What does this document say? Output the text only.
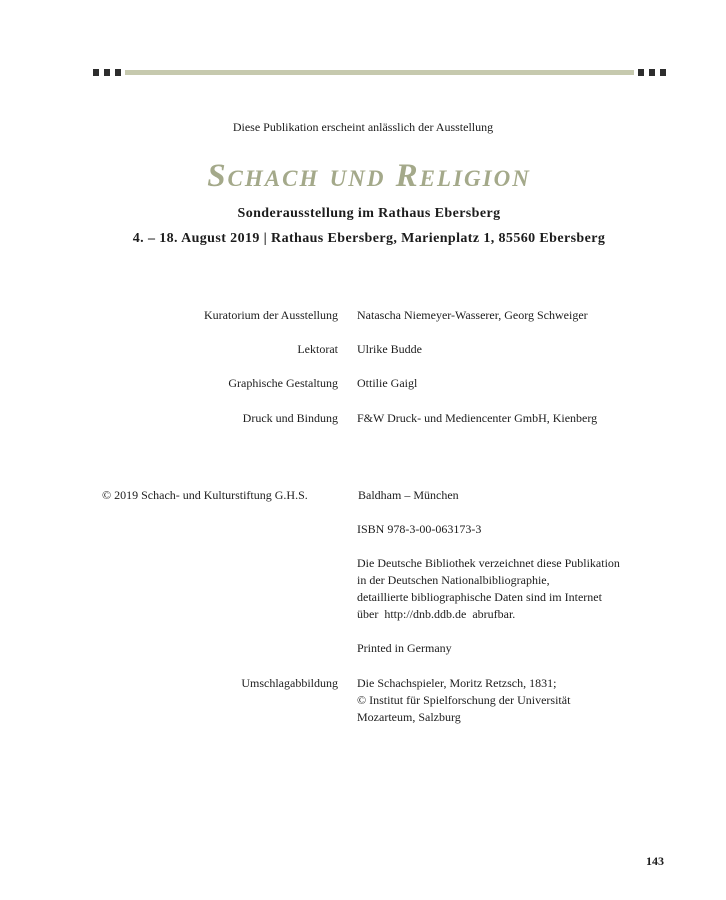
Diese Publikation erscheint anlässlich der Ausstellung
Schach und Religion
Sonderausstellung im Rathaus Ebersberg
4. – 18. August 2019 | Rathaus Ebersberg, Marienplatz 1, 85560 Ebersberg
Kuratorium der Ausstellung Natascha Niemeyer-Wasserer, Georg Schweiger
Lektorat Ulrike Budde
Graphische Gestaltung Ottilie Gaigl
Druck und Bindung F&W Druck- und Mediencenter GmbH, Kienberg
© 2019 Schach- und Kulturstiftung G.H.S.	Baldham – München
ISBN 978-3-00-063173-3
Die Deutsche Bibliothek verzeichnet diese Publikation
in der Deutschen Nationalbibliographie,
detaillierte bibliographische Daten sind im Internet
über  http://dnb.ddb.de  abrufbar.
Printed in Germany
Umschlagabbildung Die Schachspieler, Moritz Retzsch, 1831;
© Institut für Spielforschung der Universität
Mozarteum, Salzburg
143
